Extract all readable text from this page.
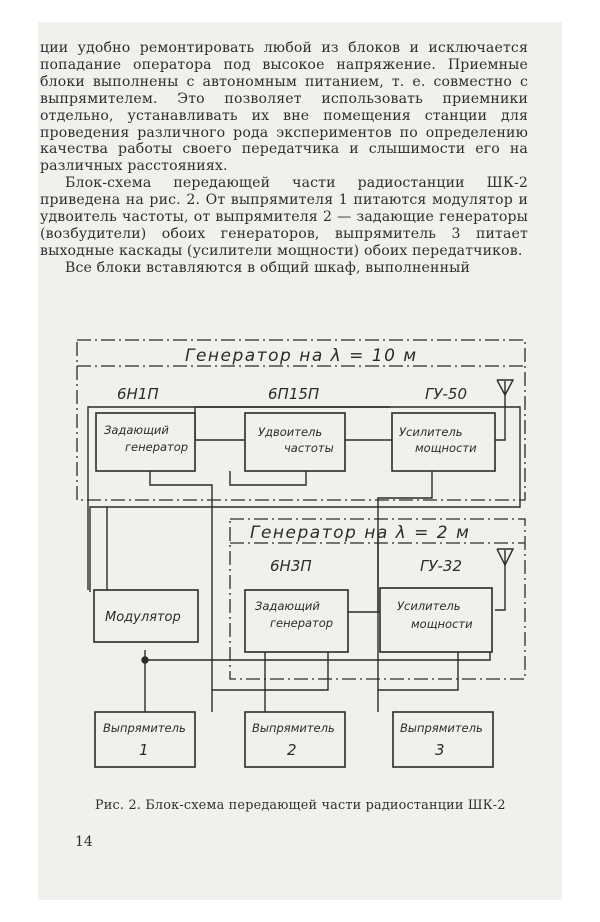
ции удобно ремонтировать любой из блоков и исключается попадание оператора под высокое напряжение. Приемные блоки выполнены с автономным питанием, т. е. совместно с выпрямителем. Это позволяет использовать приемники отдельно, устанавливать их вне помещения станции для проведения различного рода экспериментов по определению качества работы своего передатчика и слышимости его на различных расстояниях.

Блок-схема передающей части радиостанции ШК-2 приведена на рис. 2. От выпрямителя 1 питаются модулятор и удвоитель частоты, от выпрямителя 2 — задающие генераторы (возбудители) обоих генераторов, выпрямитель 3 питает выходные каскады (усилители мощности) обоих передатчиков.

Все блоки вставляются в общий шкаф, выполненный

Генератор на λ = 10 м
Генератор на λ = 2 м
6Н1П	6П15П	ГУ-50
6Н3П	ГУ-32
Задающий
генератор
Удвоитель
частоты
Усилитель
мощности
Модулятор
Задающий
генератор
Усилитель
мощности
Выпрямитель
1
Выпрямитель
2
Выпрямитель
3
Рис. 2. Блок-схема передающей части радиостанции ШК-2
14
